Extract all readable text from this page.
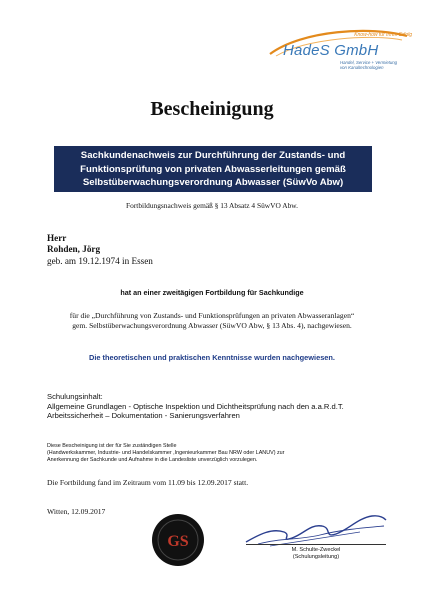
Know-how für Ihren Erfolg
HadeS GmbH
Handel, Service + Vermietung
von Kanaltechnologien
Bescheinigung
Sachkundenachweis zur Durchführung der Zustands- und
Funktionsprüfung von privaten Abwasserleitungen gemäß
Selbstüberwachungsverordnung Abwasser (SüwVo Abw)
Fortbildungsnachweis gemäß § 13 Absatz 4 SüwVO Abw.
Herr
Rohden, Jörg
geb. am 19.12.1974 in Essen
hat an einer zweitägigen Fortbildung für Sachkundige
für die „Durchführung von Zustands- und Funktionsprüfungen an privaten Abwasseranlagen“
gem. Selbstüberwachungsverordnung Abwasser (SüwVO Abw, § 13 Abs. 4), nachgewiesen.
Die theoretischen und praktischen Kenntnisse wurden nachgewiesen.
Schulungsinhalt:
Allgemeine Grundlagen - Optische Inspektion und Dichtheitsprüfung nach den a.a.R.d.T.
Arbeitssicherheit – Dokumentation - Sanierungsverfahren
Diese Bescheinigung ist der für Sie zuständigen Stelle
(Handwerkskammer, Industrie- und Handelskammer ,Ingenieurkammer Bau NRW oder LANUV) zur
Anerkennung der Sachkunde und Aufnahme in die Landesliste unverzüglich vorzulegen.
Die Fortbildung fand im Zeitraum vom 11.09 bis 12.09.2017 statt.
Witten, 12.09.2017
GS	M. Schulte-Zweckel
(Schulungsleitung)
